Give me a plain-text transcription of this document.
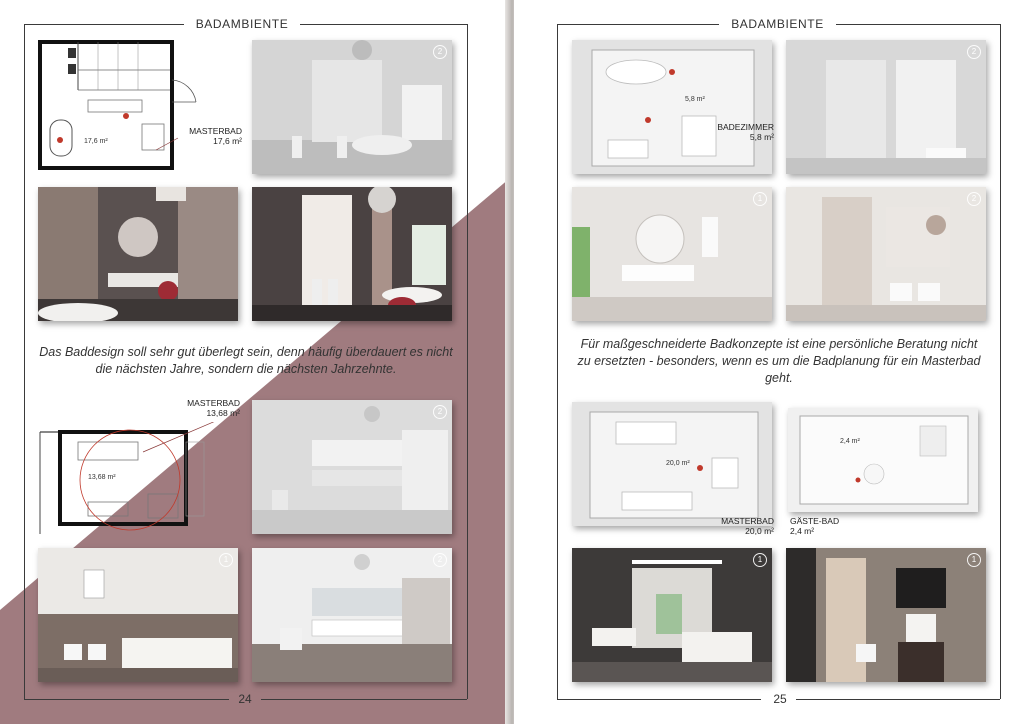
BADAMBIENTE
24
17,6 m²
MASTERBAD
17,6 m²
2
Das Baddesign soll sehr gut überlegt sein, denn häufig überdauert es nicht die nächsten Jahre, sondern die nächsten Jahrzehnte.
MASTERBAD
13,68 m²
13,68 m²
2
1	2
BADAMBIENTE
25
5,8 m²
BADEZIMMER
5,8 m²
2
1	2
Für maßgeschneiderte Badkonzepte ist eine persönliche Beratung nicht zu ersetzten - besonders, wenn es um die Badplanung für ein Masterbad geht.
20,0 m²
MASTERBAD
20,0 m²
2,4 m²
GÄSTE-BAD
2,4 m²
1	1
